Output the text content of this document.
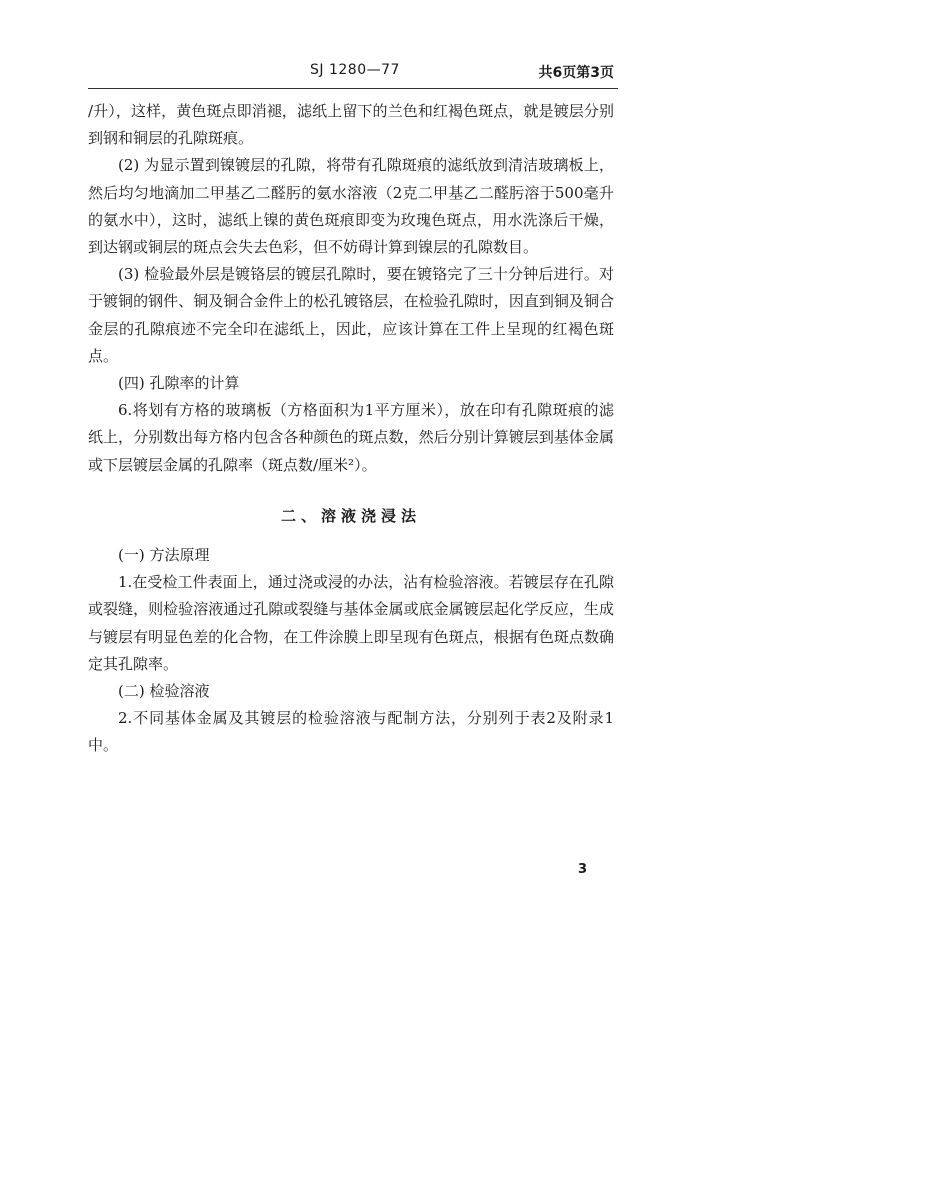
SJ 1280—77	共6页第3页

/升），这样，黄色斑点即消褪，滤纸上留下的兰色和红褐色斑点，就是镀层分别到钢和铜层的孔隙斑痕。

(2) 为显示置到镍镀层的孔隙，将带有孔隙斑痕的滤纸放到清洁玻璃板上，然后均匀地滴加二甲基乙二醛肟的氨水溶液（2克二甲基乙二醛肟溶于500毫升的氨水中），这时，滤纸上镍的黄色斑痕即变为玫瑰色斑点，用水洗涤后干燥，到达钢或铜层的斑点会失去色彩，但不妨碍计算到镍层的孔隙数目。

(3) 检验最外层是镀铬层的镀层孔隙时，要在镀铬完了三十分钟后进行。对于镀铜的钢件、铜及铜合金件上的松孔镀铬层，在检验孔隙时，因直到铜及铜合金层的孔隙痕迹不完全印在滤纸上，因此，应该计算在工件上呈现的红褐色斑点。

(四) 孔隙率的计算

6.将划有方格的玻璃板（方格面积为1平方厘米），放在印有孔隙斑痕的滤纸上，分别数出每方格内包含各种颜色的斑点数，然后分别计算镀层到基体金属或下层镀层金属的孔隙率（斑点数/厘米²）。

二、溶液浇浸法

(一) 方法原理

1.在受检工件表面上，通过浇或浸的办法，沾有检验溶液。若镀层存在孔隙或裂缝，则检验溶液通过孔隙或裂缝与基体金属或底金属镀层起化学反应，生成与镀层有明显色差的化合物，在工件涂膜上即呈现有色斑点，根据有色斑点数确定其孔隙率。

(二) 检验溶液

2.不同基体金属及其镀层的检验溶液与配制方法，分别列于表2及附录1中。

3
